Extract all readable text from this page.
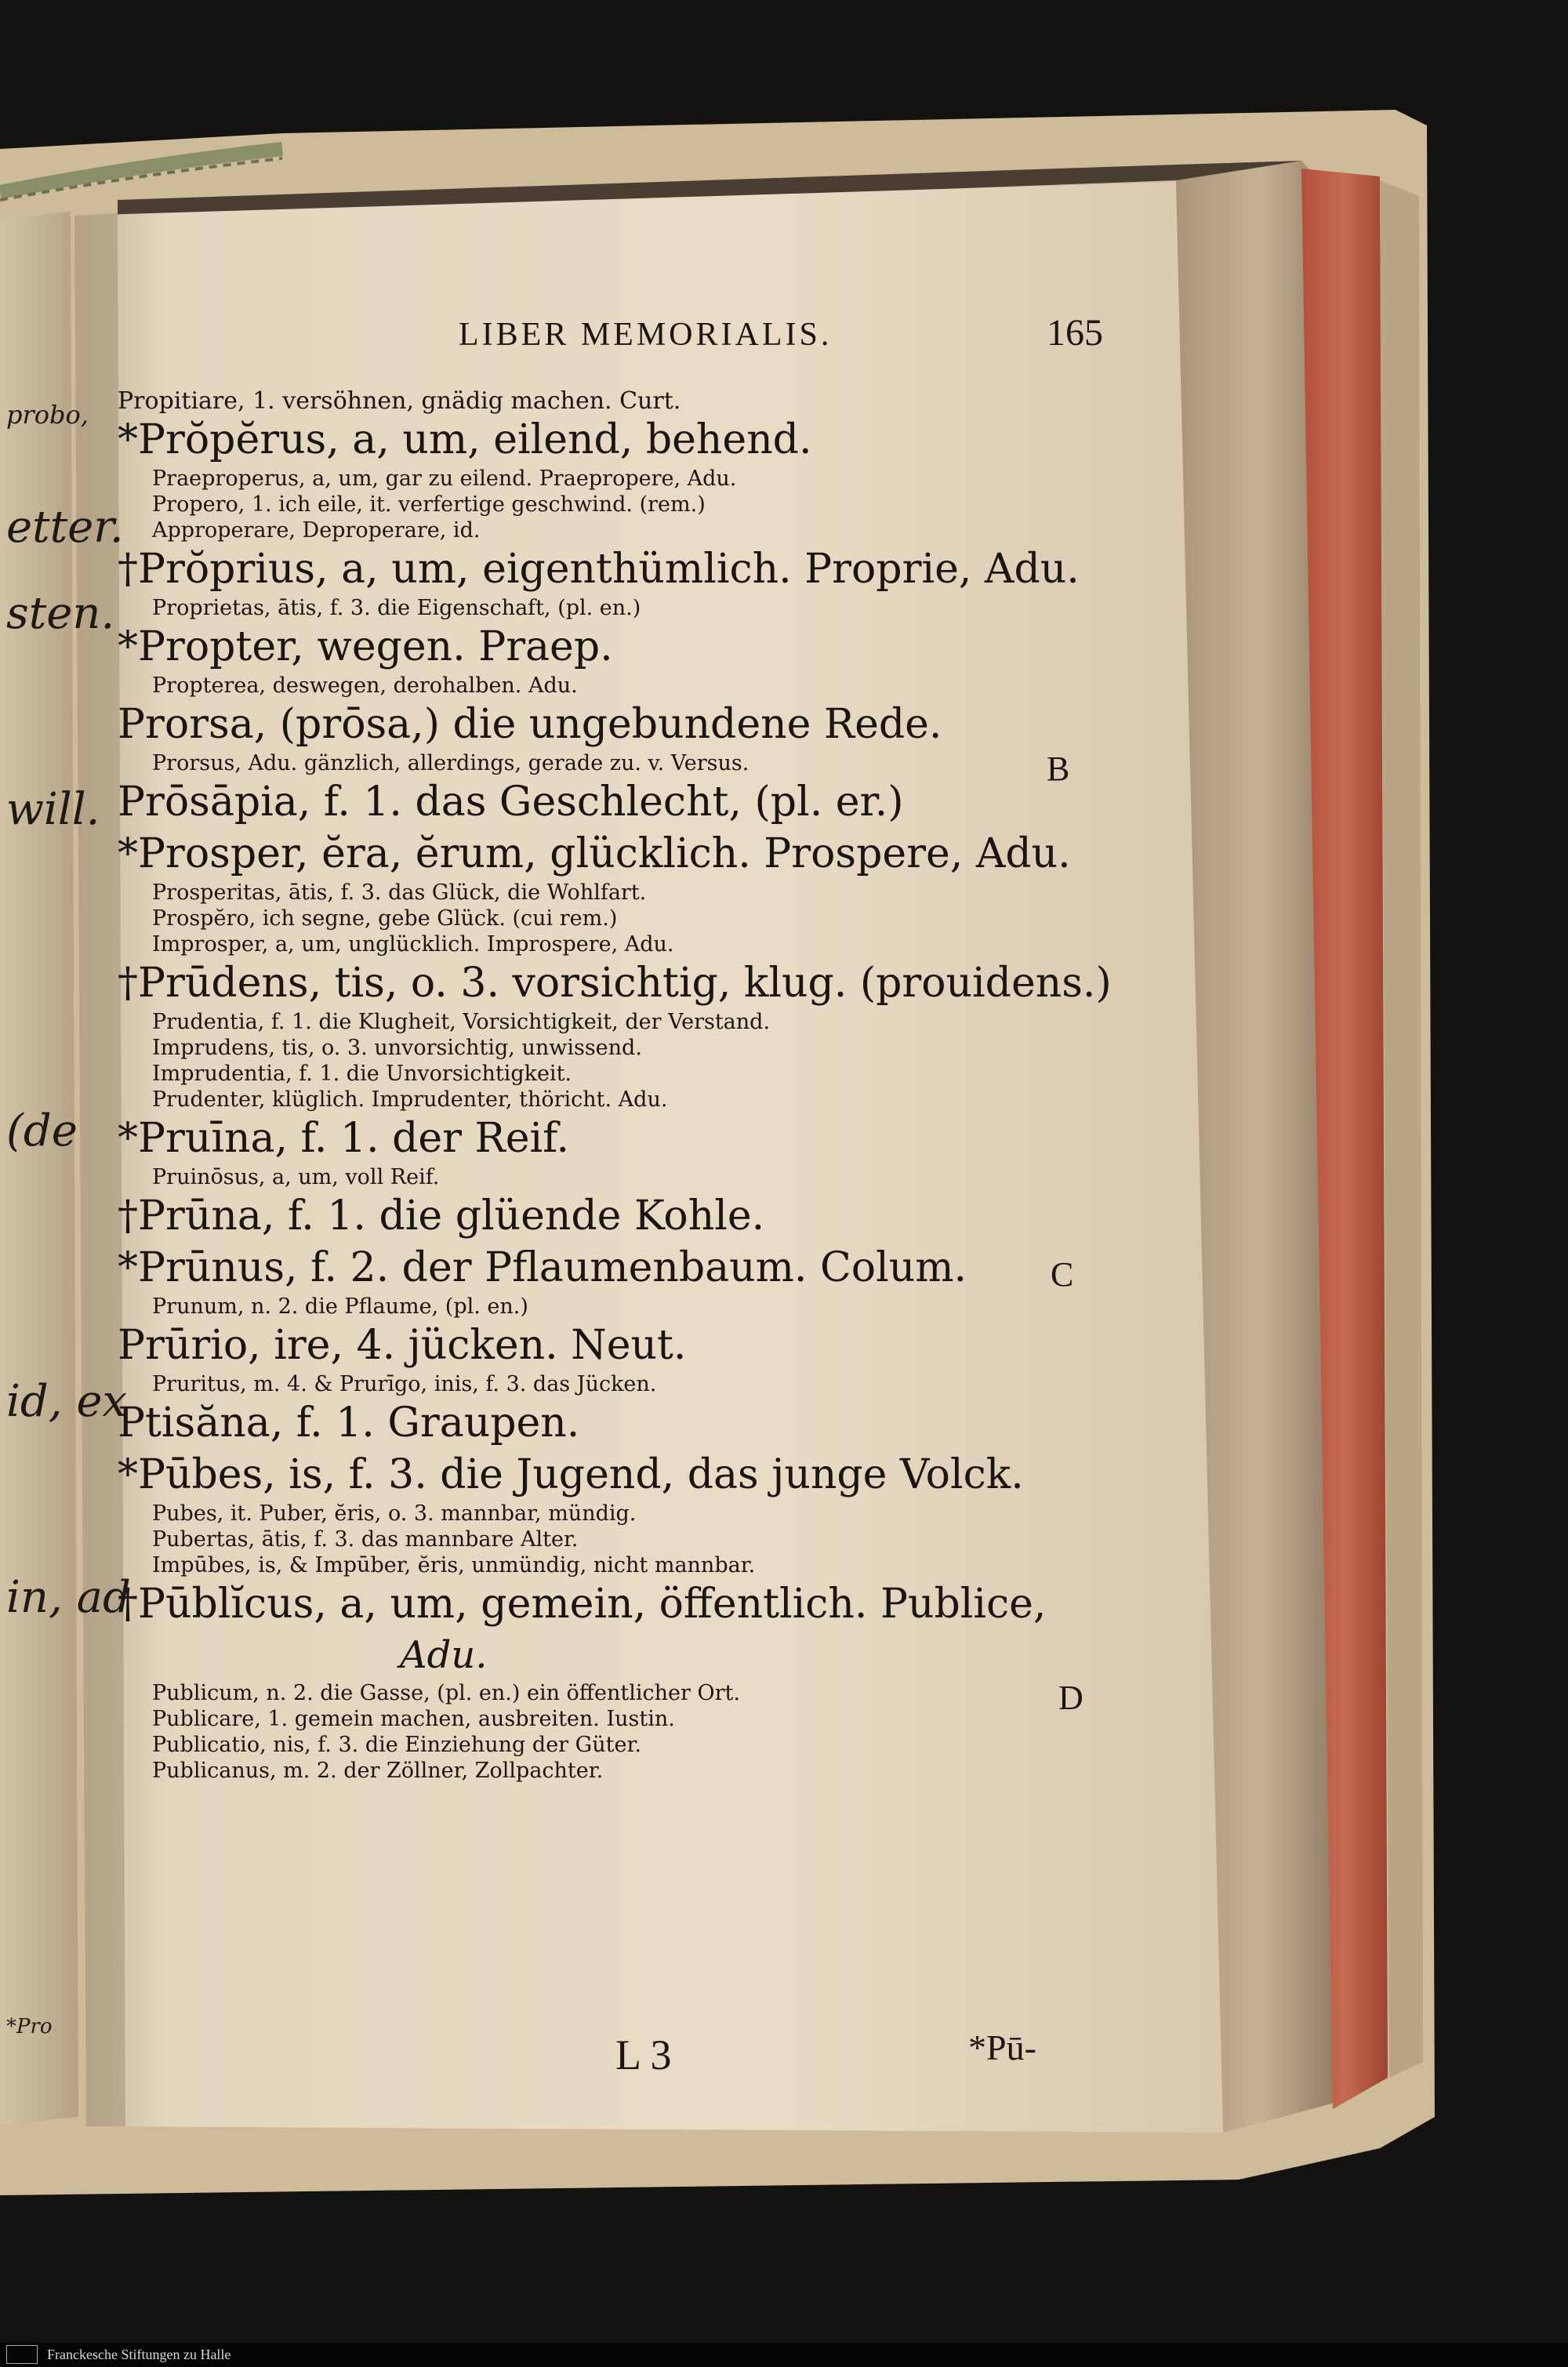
probo,
etter.
sten.
will.
(de
id, ex
in, ad
*Pro
LIBER MEMORIALIS.	165
Propitiare, 1. versöhnen, gnädig machen. Curt.
*Prŏpĕrus, a, um, eilend, behend.
Praeproperus, a, um, gar zu eilend. Praepropere, Adu.
Propero, 1. ich eile, it. verfertige geschwind. (rem.)
Approperare, Deproperare, id.
†Prŏprius, a, um, eigenthümlich. Proprie, Adu.
Proprietas, ātis, f. 3. die Eigenschaft, (pl. en.)
*Propter, wegen. Praep.
Propterea, deswegen, derohalben. Adu.
Prorsa, (prōsa,) die ungebundene Rede.
Prorsus, Adu. gänzlich, allerdings, gerade zu. v. Versus.
Prōsāpia, f. 1. das Geschlecht, (pl. er.)
*Prosper, ĕra, ĕrum, glücklich. Prospere, Adu.
Prosperitas, ātis, f. 3. das Glück, die Wohlfart.
Prospĕro, ich segne, gebe Glück. (cui rem.)
Improsper, a, um, unglücklich. Improspere, Adu.
†Prūdens, tis, o. 3. vorsichtig, klug. (prouidens.)
Prudentia, f. 1. die Klugheit, Vorsichtigkeit, der Verstand.
Imprudens, tis, o. 3. unvorsichtig, unwissend.
Imprudentia, f. 1. die Unvorsichtigkeit.
Prudenter, klüglich. Imprudenter, thöricht. Adu.
*Pruīna, f. 1. der Reif.
Pruinōsus, a, um, voll Reif.
†Prūna, f. 1. die glüende Kohle.
*Prūnus, f. 2. der Pflaumenbaum. Colum.
Prunum, n. 2. die Pflaume, (pl. en.)
Prūrio, ire, 4. jücken. Neut.
Pruritus, m. 4. & Prurīgo, inis, f. 3. das Jücken.
Ptisăna, f. 1. Graupen.
*Pūbes, is, f. 3. die Jugend, das junge Volck.
Pubes, it. Puber, ĕris, o. 3. mannbar, mündig.
Pubertas, ātis, f. 3. das mannbare Alter.
Impūbes, is, & Impūber, ĕris, unmündig, nicht mannbar.
†Pūblĭcus, a, um, gemein, öffentlich. Publice,
Adu.
Publicum, n. 2. die Gasse, (pl. en.) ein öffentlicher Ort.
Publicare, 1. gemein machen, ausbreiten. Iustin.
Publicatio, nis, f. 3. die Einziehung der Güter.
Publicanus, m. 2. der Zöllner, Zollpachter.
B
C
D
L 3	*Pū-
Franckesche Stiftungen zu Halle
